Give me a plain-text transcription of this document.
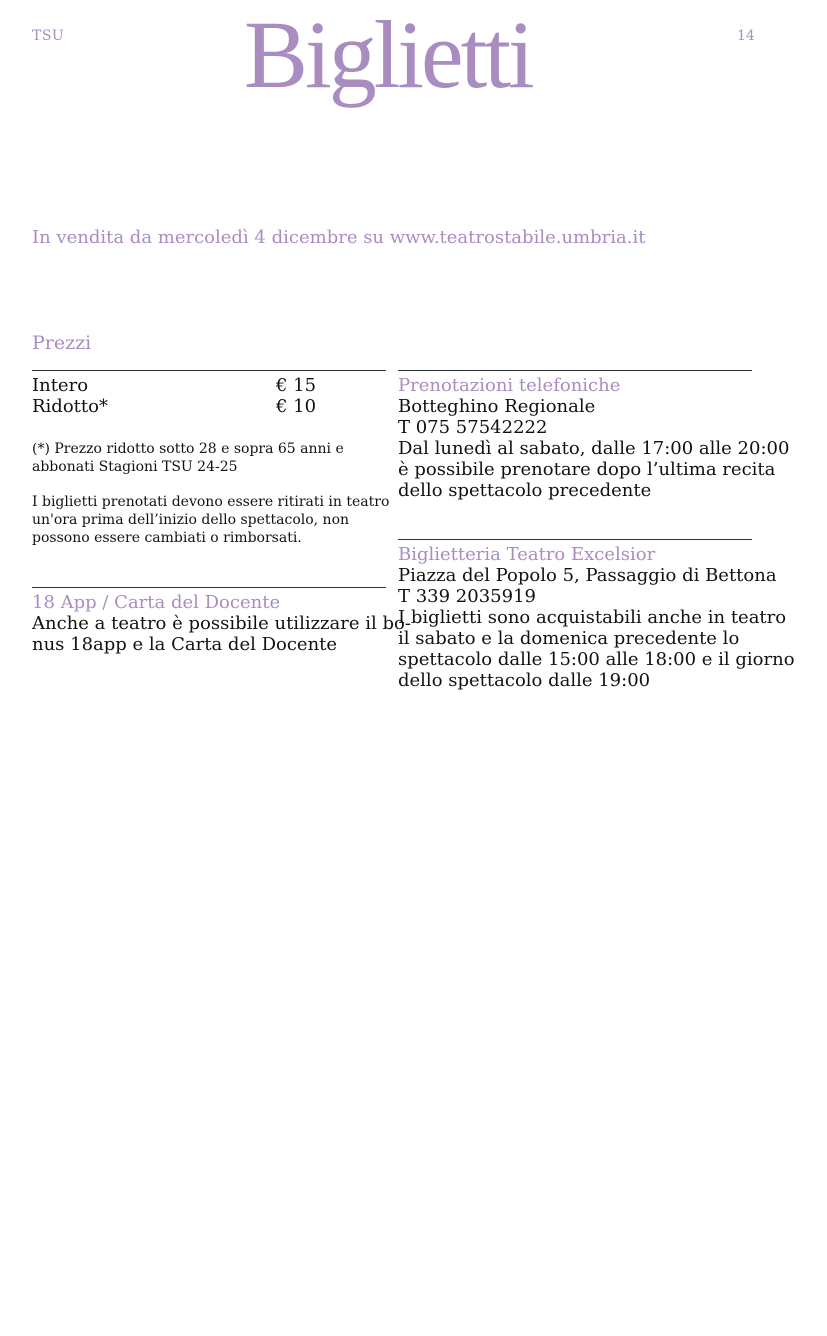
TSU Biglietti	14

In vendita da mercoledì 4 dicembre su www.teatrostabile.umbria.it

Prezzi
Intero	€ 15
Ridotto*	€ 10
(*) Prezzo ridotto sotto 28 e sopra 65 anni e
abbonati Stagioni TSU 24-25
I biglietti prenotati devono essere ritirati in teatro
un'ora prima dell’inizio dello spettacolo, non
possono essere cambiati o rimborsati.
18 App / Carta del Docente
Anche a teatro è possibile utilizzare il bo-
nus 18app e la Carta del Docente
Prenotazioni telefoniche
Botteghino Regionale
T 075 57542222
Dal lunedì al sabato, dalle 17:00 alle 20:00
è possibile prenotare dopo l’ultima recita
dello spettacolo precedente
Biglietteria Teatro Excelsior
Piazza del Popolo 5, Passaggio di Bettona
T 339 2035919
I biglietti sono acquistabili anche in teatro
il sabato e la domenica precedente lo
spettacolo dalle 15:00 alle 18:00 e il giorno
dello spettacolo dalle 19:00
